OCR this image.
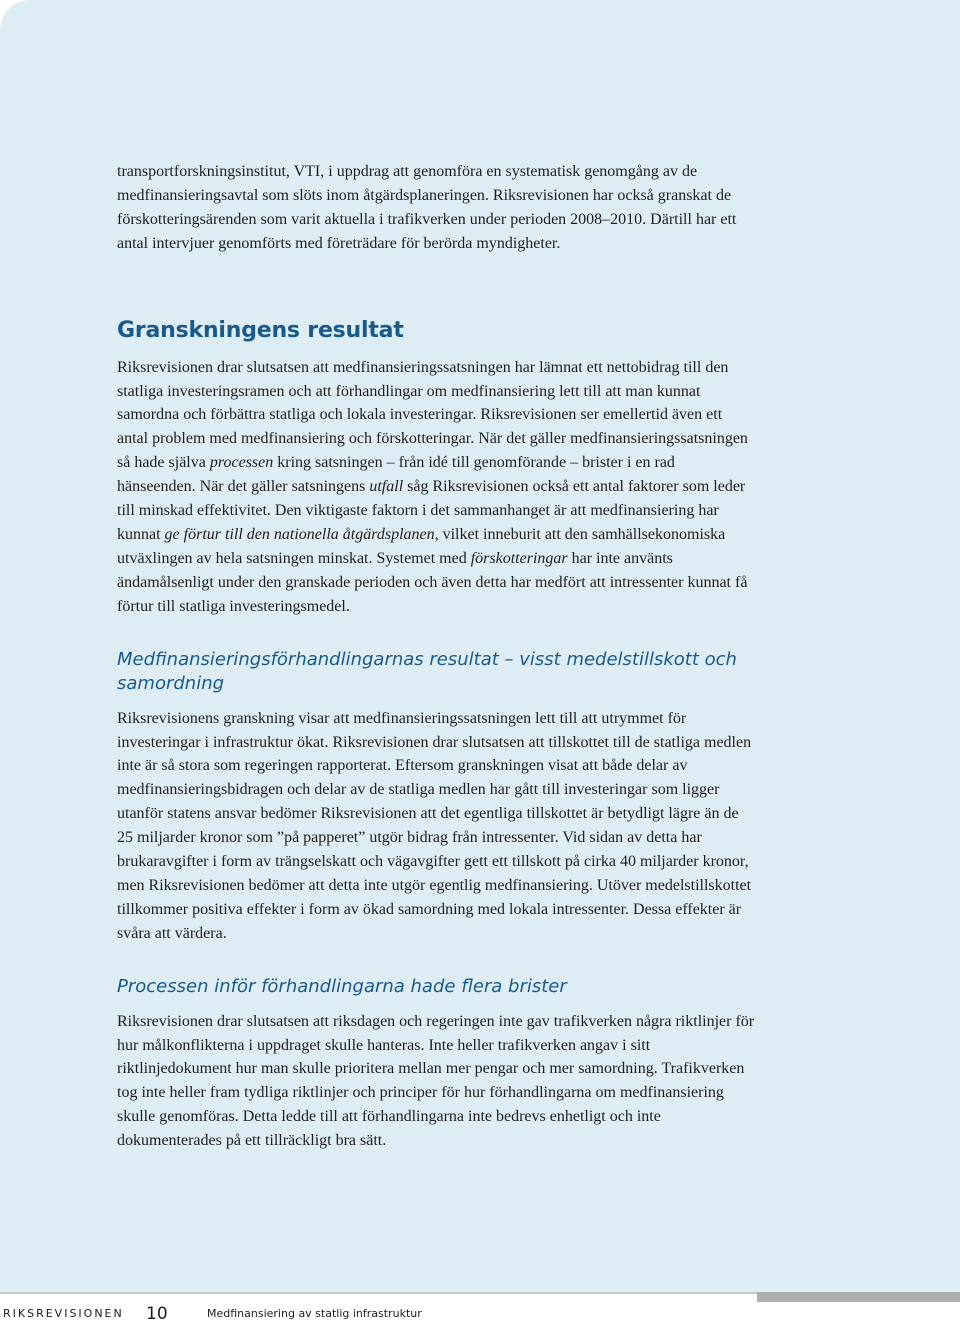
transportforskningsinstitut, VTI, i uppdrag att genomföra en systematisk genomgång av de medfinansieringsavtal som slöts inom åtgärdsplaneringen. Riksrevisionen har också granskat de förskotteringsärenden som varit aktuella i trafikverken under perioden 2008–2010. Därtill har ett antal intervjuer genomförts med företrädare för berörda myndigheter.

Granskningens resultat

Riksrevisionen drar slutsatsen att medfinansieringssatsningen har lämnat ett nettobidrag till den statliga investeringsramen och att förhandlingar om medfinansiering lett till att man kunnat samordna och förbättra statliga och lokala investeringar. Riksrevisionen ser emellertid även ett antal problem med medfinansiering och förskotteringar. När det gäller medfinansieringssatsningen så hade själva processen kring satsningen – från idé till genomförande – brister i en rad hänseenden. När det gäller satsningens utfall såg Riksrevisionen också ett antal faktorer som leder till minskad effektivitet. Den viktigaste faktorn i det sammanhanget är att medfinansiering har kunnat ge förtur till den nationella åtgärdsplanen, vilket inneburit att den samhällsekonomiska utväxlingen av hela satsningen minskat. Systemet med förskotteringar har inte använts ändamålsenligt under den granskade perioden och även detta har medfört att intressenter kunnat få förtur till statliga investeringsmedel.

Medfinansieringsförhandlingarnas resultat – visst medelstillskott och samordning

Riksrevisionens granskning visar att medfinansieringssatsningen lett till att utrymmet för investeringar i infrastruktur ökat. Riksrevisionen drar slutsatsen att tillskottet till de statliga medlen inte är så stora som regeringen rapporterat. Eftersom granskningen visat att både delar av medfinansieringsbidragen och delar av de statliga medlen har gått till investeringar som ligger utanför statens ansvar bedömer Riksrevisionen att det egentliga tillskottet är betydligt lägre än de 25 miljarder kronor som ”på papperet” utgör bidrag från intressenter. Vid sidan av detta har brukaravgifter i form av trängselskatt och vägavgifter gett ett tillskott på cirka 40 miljarder kronor, men Riksrevisionen bedömer att detta inte utgör egentlig medfinansiering. Utöver medelstillskottet tillkommer positiva effekter i form av ökad samordning med lokala intressenter. Dessa effekter är svåra att värdera.

Processen inför förhandlingarna hade flera brister

Riksrevisionen drar slutsatsen att riksdagen och regeringen inte gav trafikverken några riktlinjer för hur målkonflikterna i uppdraget skulle hanteras. Inte heller trafikverken angav i sitt riktlinjedokument hur man skulle prioritera mellan mer pengar och mer samordning. Trafikverken tog inte heller fram tydliga riktlinjer och principer för hur förhandlingarna om medfinansiering skulle genomföras. Detta ledde till att förhandlingarna inte bedrevs enhetligt och inte dokumenterades på ett tillräckligt bra sätt.

RIKSREVISIONEN 10	Medfinansiering av statlig infrastruktur
